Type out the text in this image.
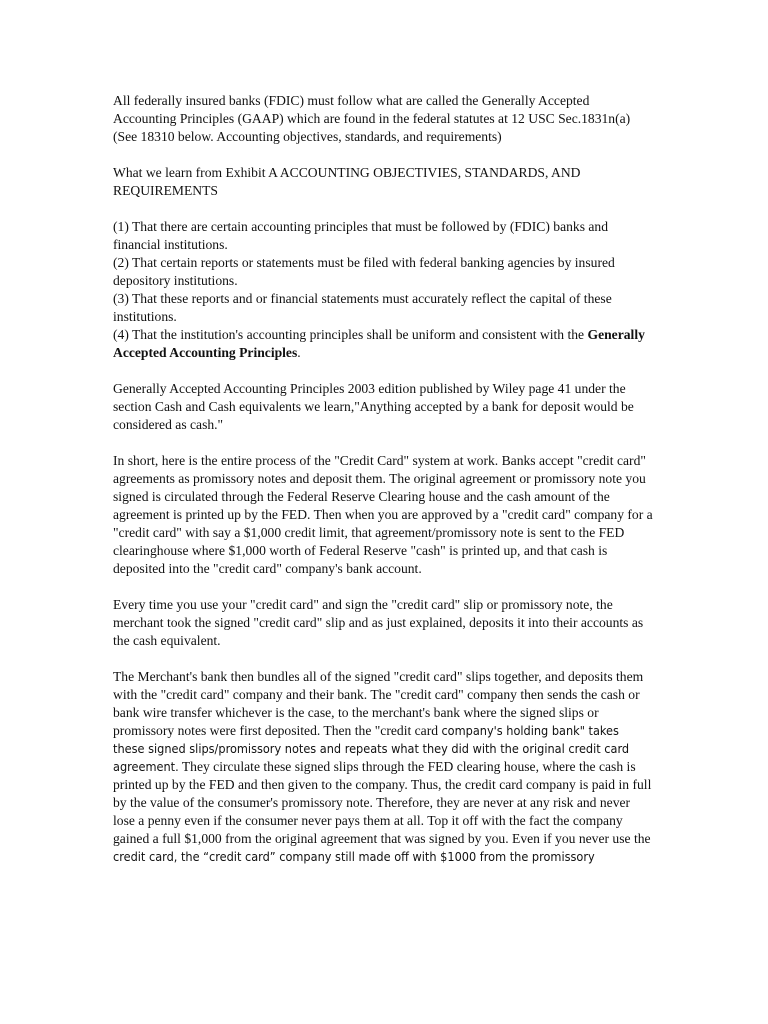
All federally insured banks (FDIC) must follow what are called the Generally Accepted Accounting Principles (GAAP) which are found in the federal statutes at 12 USC Sec.1831n(a) (See 18310 below. Accounting objectives, standards, and requirements)

What we learn from Exhibit A ACCOUNTING OBJECTIVIES, STANDARDS, AND REQUIREMENTS

(1) That there are certain accounting principles that must be followed by (FDIC) banks and financial institutions.
(2) That certain reports or statements must be filed with federal banking agencies by insured depository institutions.
(3) That these reports and or financial statements must accurately reflect the capital of these institutions.
(4) That the institution's accounting principles shall be uniform and consistent with the Generally Accepted Accounting Principles.

Generally Accepted Accounting Principles 2003 edition published by Wiley page 41 under the section Cash and Cash equivalents we learn,"Anything accepted by a bank for deposit would be considered as cash."

In short, here is the entire process of the "Credit Card" system at work. Banks accept "credit card" agreements as promissory notes and deposit them. The original agreement or promissory note you signed is circulated through the Federal Reserve Clearing house and the cash amount of the agreement is printed up by the FED. Then when you are approved by a "credit card" company for a "credit card" with say a $1,000 credit limit, that agreement/promissory note is sent to the FED clearinghouse where $1,000 worth of Federal Reserve "cash" is printed up, and that cash is deposited into the "credit card" company's bank account.

Every time you use your "credit card" and sign the "credit card" slip or promissory note, the merchant took the signed "credit card" slip and as just explained, deposits it into their accounts as the cash equivalent.

The Merchant's bank then bundles all of the signed "credit card" slips together, and deposits them with the "credit card" company and their bank. The "credit card" company then sends the cash or bank wire transfer whichever is the case, to the merchant's bank where the signed slips or promissory notes were first deposited. Then the "credit card company's holding bank" takes these signed slips/promissory notes and repeats what they did with the original credit card agreement. They circulate these signed slips through the FED clearing house, where the cash is printed up by the FED and then given to the company. Thus, the credit card company is paid in full by the value of the consumer's promissory note. Therefore, they are never at any risk and never lose a penny even if the consumer never pays them at all. Top it off with the fact the company gained a full $1,000 from the original agreement that was signed by you. Even if you never use the credit card, the “credit card” company still made off with $1000 from the promissory
